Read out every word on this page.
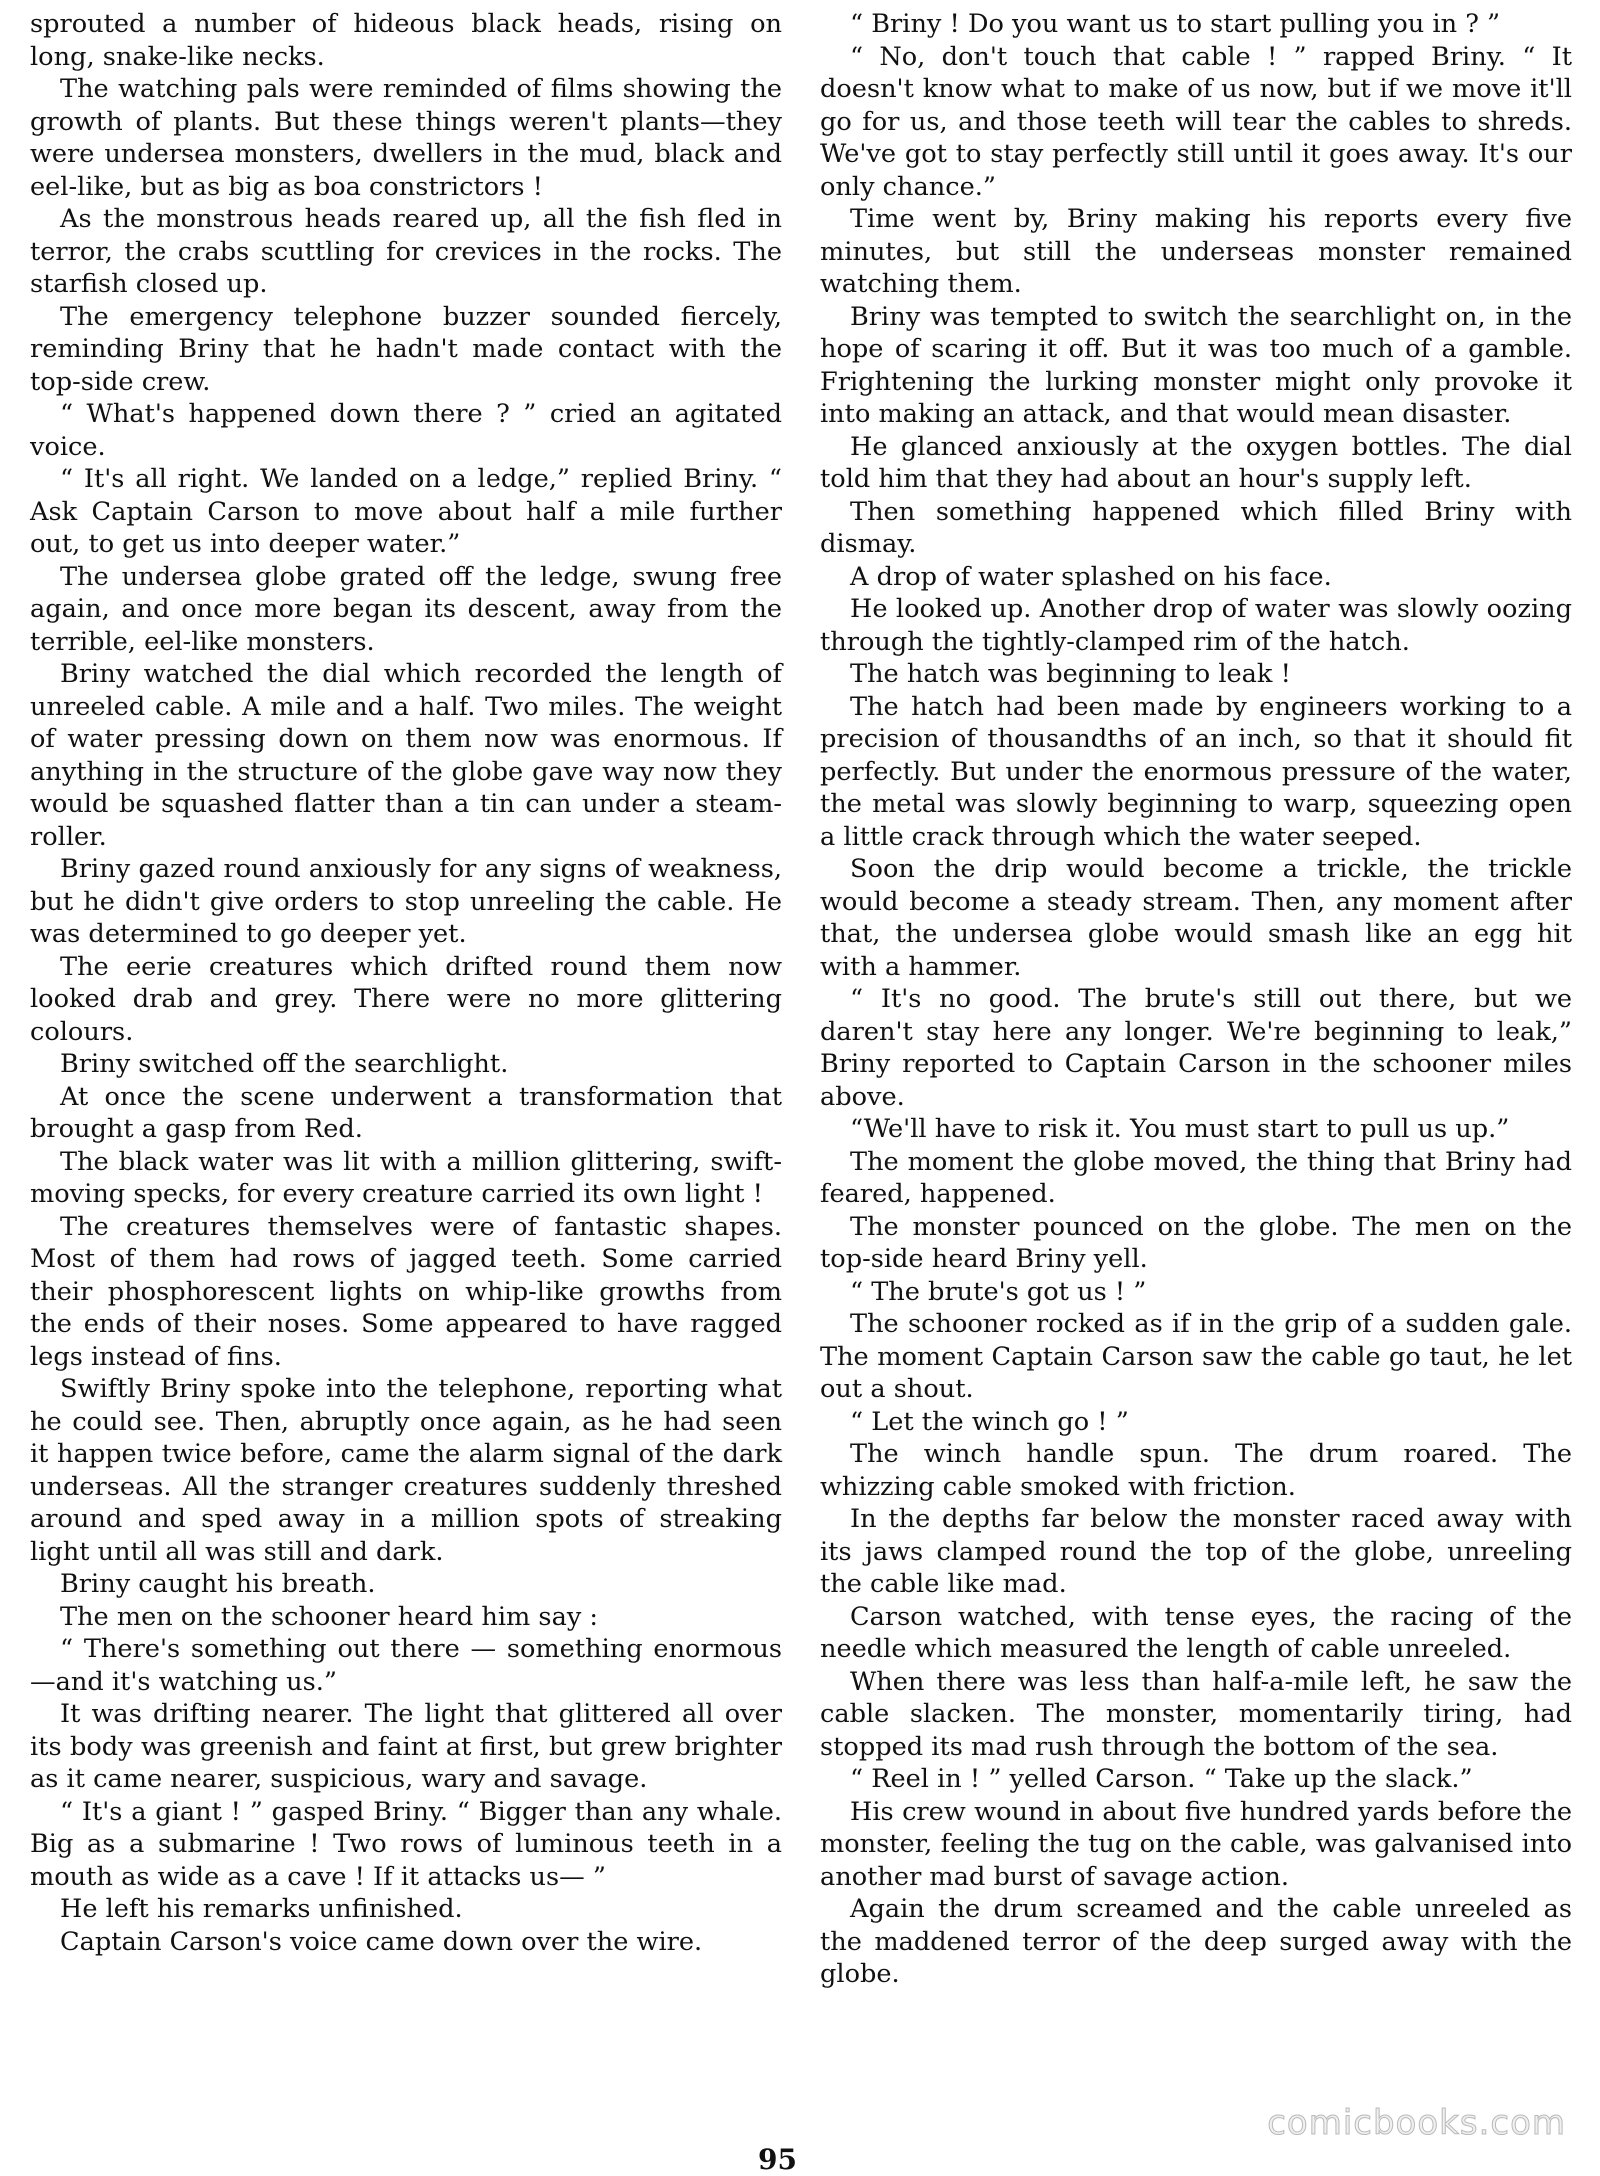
sprouted a number of hideous black heads, rising on long, snake-like necks.

The watching pals were reminded of films showing the growth of plants. But these things weren't plants—they were undersea monsters, dwellers in the mud, black and eel-like, but as big as boa constrictors !

As the monstrous heads reared up, all the fish fled in terror, the crabs scuttling for crevices in the rocks. The starfish closed up.

The emergency telephone buzzer sounded fiercely, reminding Briny that he hadn't made contact with the top-side crew.

“ What's happened down there ? ” cried an agitated voice.

“ It's all right. We landed on a ledge,” replied Briny. “ Ask Captain Carson to move about half a mile further out, to get us into deeper water.”

The undersea globe grated off the ledge, swung free again, and once more began its descent, away from the terrible, eel-like monsters.

Briny watched the dial which recorded the length of unreeled cable. A mile and a half. Two miles. The weight of water pressing down on them now was enormous. If anything in the structure of the globe gave way now they would be squashed flatter than a tin can under a steam-roller.

Briny gazed round anxiously for any signs of weakness, but he didn't give orders to stop unreeling the cable. He was determined to go deeper yet.

The eerie creatures which drifted round them now looked drab and grey. There were no more glittering colours.

Briny switched off the searchlight.

At once the scene underwent a transformation that brought a gasp from Red.

The black water was lit with a million glittering, swift-moving specks, for every creature carried its own light !

The creatures themselves were of fantastic shapes. Most of them had rows of jagged teeth. Some carried their phosphorescent lights on whip-like growths from the ends of their noses. Some appeared to have ragged legs instead of fins.

Swiftly Briny spoke into the telephone, reporting what he could see. Then, abruptly once again, as he had seen it happen twice before, came the alarm signal of the dark underseas. All the stranger creatures suddenly threshed around and sped away in a million spots of streaking light until all was still and dark.

Briny caught his breath.

The men on the schooner heard him say :

“ There's something out there — something enormous—and it's watching us.”

It was drifting nearer. The light that glittered all over its body was greenish and faint at first, but grew brighter as it came nearer, suspicious, wary and savage.

“ It's a giant ! ” gasped Briny. “ Bigger than any whale. Big as a submarine ! Two rows of luminous teeth in a mouth as wide as a cave ! If it attacks us— ”

He left his remarks unfinished.

Captain Carson's voice came down over the wire.

“ Briny ! Do you want us to start pulling you in ? ”

“ No, don't touch that cable ! ” rapped Briny. “ It doesn't know what to make of us now, but if we move it'll go for us, and those teeth will tear the cables to shreds. We've got to stay perfectly still until it goes away. It's our only chance.”

Time went by, Briny making his reports every five minutes, but still the underseas monster remained watching them.

Briny was tempted to switch the searchlight on, in the hope of scaring it off. But it was too much of a gamble. Frightening the lurking monster might only provoke it into making an attack, and that would mean disaster.

He glanced anxiously at the oxygen bottles. The dial told him that they had about an hour's supply left.

Then something happened which filled Briny with dismay.

A drop of water splashed on his face.

He looked up. Another drop of water was slowly oozing through the tightly-clamped rim of the hatch.

The hatch was beginning to leak !

The hatch had been made by engineers working to a precision of thousandths of an inch, so that it should fit perfectly. But under the enormous pressure of the water, the metal was slowly beginning to warp, squeezing open a little crack through which the water seeped.

Soon the drip would become a trickle, the trickle would become a steady stream. Then, any moment after that, the undersea globe would smash like an egg hit with a hammer.

“ It's no good. The brute's still out there, but we daren't stay here any longer. We're beginning to leak,” Briny reported to Captain Carson in the schooner miles above.

“We'll have to risk it. You must start to pull us up.”

The moment the globe moved, the thing that Briny had feared, happened.

The monster pounced on the globe. The men on the top-side heard Briny yell.

“ The brute's got us ! ”

The schooner rocked as if in the grip of a sudden gale. The moment Captain Carson saw the cable go taut, he let out a shout.

“ Let the winch go ! ”

The winch handle spun. The drum roared. The whizzing cable smoked with friction.

In the depths far below the monster raced away with its jaws clamped round the top of the globe, unreeling the cable like mad.

Carson watched, with tense eyes, the racing of the needle which measured the length of cable unreeled.

When there was less than half-a-mile left, he saw the cable slacken. The monster, momentarily tiring, had stopped its mad rush through the bottom of the sea.

“ Reel in ! ” yelled Carson. “ Take up the slack.”

His crew wound in about five hundred yards before the monster, feeling the tug on the cable, was galvanised into another mad burst of savage action.

Again the drum screamed and the cable unreeled as the maddened terror of the deep surged away with the globe.

95
comicbooks.com
